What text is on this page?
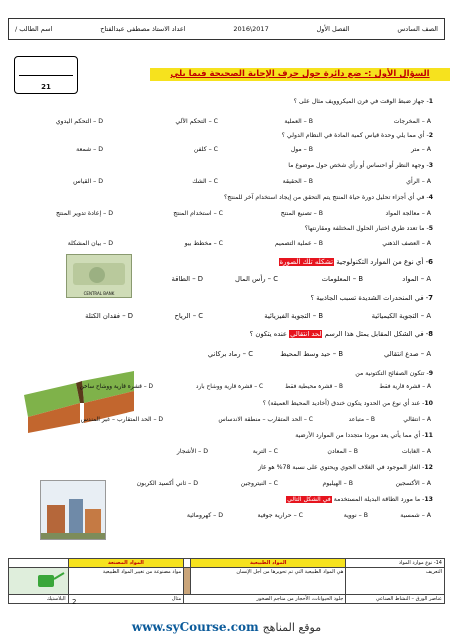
الصف السادس
الفصل الأول
2017\2016
اعداد الاستاذ مصطفى عبدالفتاح
اسم الطالب /
21
السؤال الأول :- ضع دائرة حول حرف الإجابة الصحيحة فيما يلي
1- جهاز ضبط الوقت في فرن الميكروويف مثال على ؟
A – المخرجات
B – العملية
C – التحكم الآلي
D – التحكم اليدوي
2- أي مما يلي وحدة قياس كمية المادة في النظام الدولي ؟
A – متر
B – مول
C – كلفن
D – شمعة
3- وجهة النظر أو احساس أو رأي شخص حول موضوع ما
A – الرأي
B – الحقيقة
C – الشك
D – القياس
4- في أي أجزاء تحليل دورة حياة المنتج يتم التحقق من إيجاد استخدام آخر للمنتج؟
A – معالجة المواد
B – تصنيع المنتج
C – استخدام المنتج
D – إعادة تدوير المنتج
5- ما تعدد طرق اختبار الحلول المختلفة ومقارنتها؟
A – العصف الذهني
B – عملية التصميم
C – مخطط بيو
D – بيان المشكلة
CENTRAL BANK
6- أي نوع من الموارد التكنولوجية تشكله تلك الصورة
A – المواد
B – المعلومات
C – رأس المال
D – الطاقة
7- في المنحدرات الشديدة تسبب الجاذبية ؟
A – التجوية الكيميائية
B – التجوية الفيزيائية
C – الرياح
D – فقدان الكتلة
8- في الشكل المقابل يمثل هذا الرسم لحد انتقالي عنده يتكون ؟
A – صدع انتقالي
B – حيد وسط المحيط
C – رماد بركاني
9- تتكون الصفائح التكتونية من
A – قشرة قارية فقط
B – قشرة محيطية فقط
C – قشرة قارية ووشاح بارد
D – قشرة قارية ووشاح ساخن
10- عند أي نوع من الحدود يتكون خندق (أخاديد المحيط العميقة) ؟
A – انتقالي
B – متباعد
C – الحد المتقارب – منطقة الاندساس
D – الحد المتقارب – غير المندس
11- أي مما يأتي يعد موردا متجددا من الموارد الأرضية
A – الغابات
B – المعادن
C – التربة
D – الأشجار
12- الغاز الموجود في الغلاف الجوي ويحتوي على نسبة 78% هو غاز
A – الأكسجين
B – الهيليوم
C – النيتروجين
D – ثاني أكسيد الكربون
13- ما مورد الطاقة البديلة المستخدمة في الشكل التالي
A – شمسية
B – نووية
C – حرارية جوفية
D – كهرومائية
14- نوع موارد المواد	المواد الطبيعية		المواد المصنعة	
التعريف	هي المواد الطبيعية التي تم تحويرها من أجل الإنسان		مواد مصنوعة من تغيير المواد الطبيعية	
عناصر الورق – النشاط الصناعي	جلود الحيوانات، الأحجار من مناجم الصخور		مثال	البلاستيك 2
www.syCourse.com موقع المناهج
